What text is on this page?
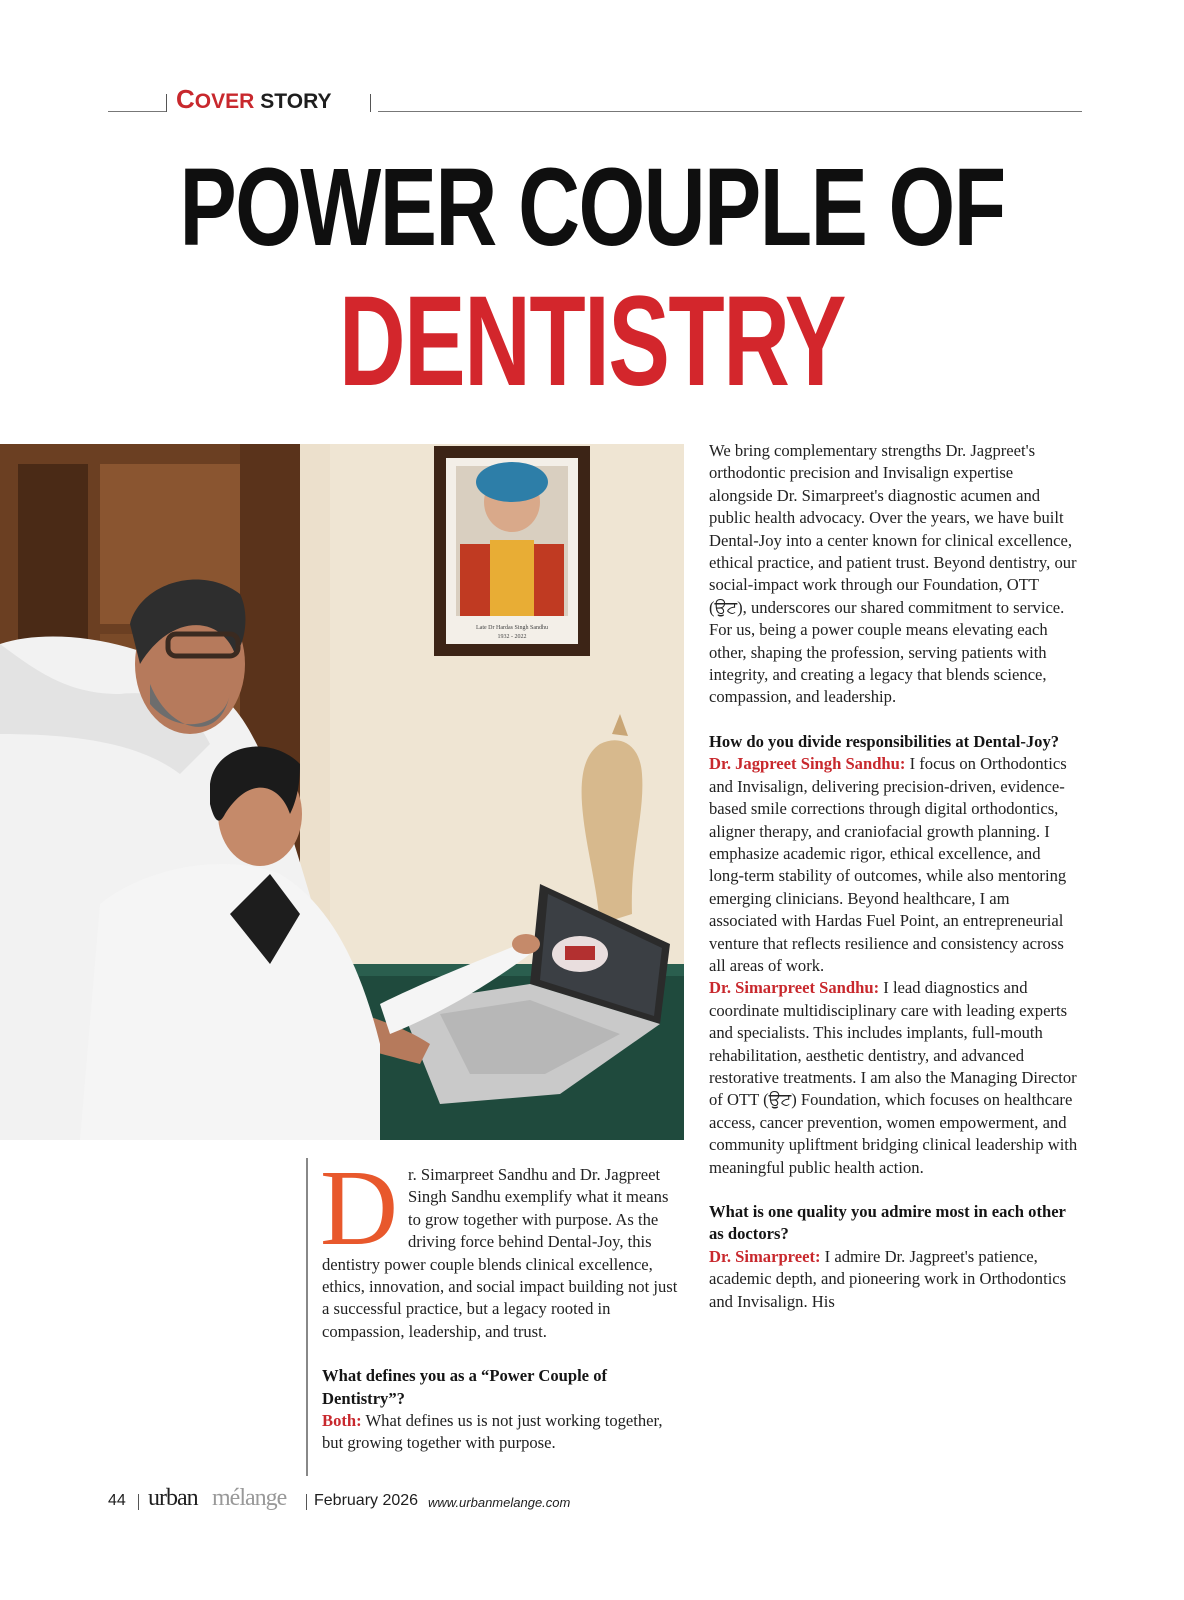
COVER STORY
POWER COUPLE OF
DENTISTRY
Late Dr Hardas Singh Sandhu
1932 - 2022

We bring complementary strengths Dr. Jagpreet's orthodontic precision and Invisalign expertise alongside Dr. Simarpreet's diagnostic acumen and public health advocacy. Over the years, we have built Dental-Joy into a center known for clinical excellence, ethical practice, and patient trust. Beyond dentistry, our social-impact work through our Foundation, OTT (ਉਟ), underscores our shared commitment to service. For us, being a power couple means elevating each other, shaping the profession, serving patients with integrity, and creating a legacy that blends science, compassion, and leadership.

How do you divide responsibilities at Dental-Joy?

Dr. Jagpreet Singh Sandhu: I focus on Orthodontics and Invisalign, delivering precision-driven, evidence-based smile corrections through digital orthodontics, aligner therapy, and craniofacial growth planning. I emphasize academic rigor, ethical excellence, and long-term stability of outcomes, while also mentoring emerging clinicians. Beyond healthcare, I am associated with Hardas Fuel Point, an entrepreneurial venture that reflects resilience and consistency across all areas of work.

Dr. Simarpreet Sandhu: I lead diagnostics and coordinate multidisciplinary care with leading experts and specialists. This includes implants, full-mouth rehabilitation, aesthetic dentistry, and advanced restorative treatments. I am also the Managing Director of OTT (ਉਟ) Foundation, which focuses on healthcare access, cancer prevention, women empowerment, and community upliftment bridging clinical leadership with meaningful public health action.

What is one quality you admire most in each other as doctors?

Dr. Simarpreet: I admire Dr. Jagpreet's patience, academic depth, and pioneering work in Orthodontics and Invisalign. His

Dr. Simarpreet Sandhu and Dr. Jagpreet Singh Sandhu exemplify what it means to grow together with purpose. As the driving force behind Dental-Joy, this dentistry power couple blends clinical excellence, ethics, innovation, and social impact building not just a successful practice, but a legacy rooted in compassion, leadership, and trust.

What defines you as a “Power Couple of Dentistry”?

Both: What defines us is not just working together, but growing together with purpose.

44 urban mélange February 2026 www.urbanmelange.com
